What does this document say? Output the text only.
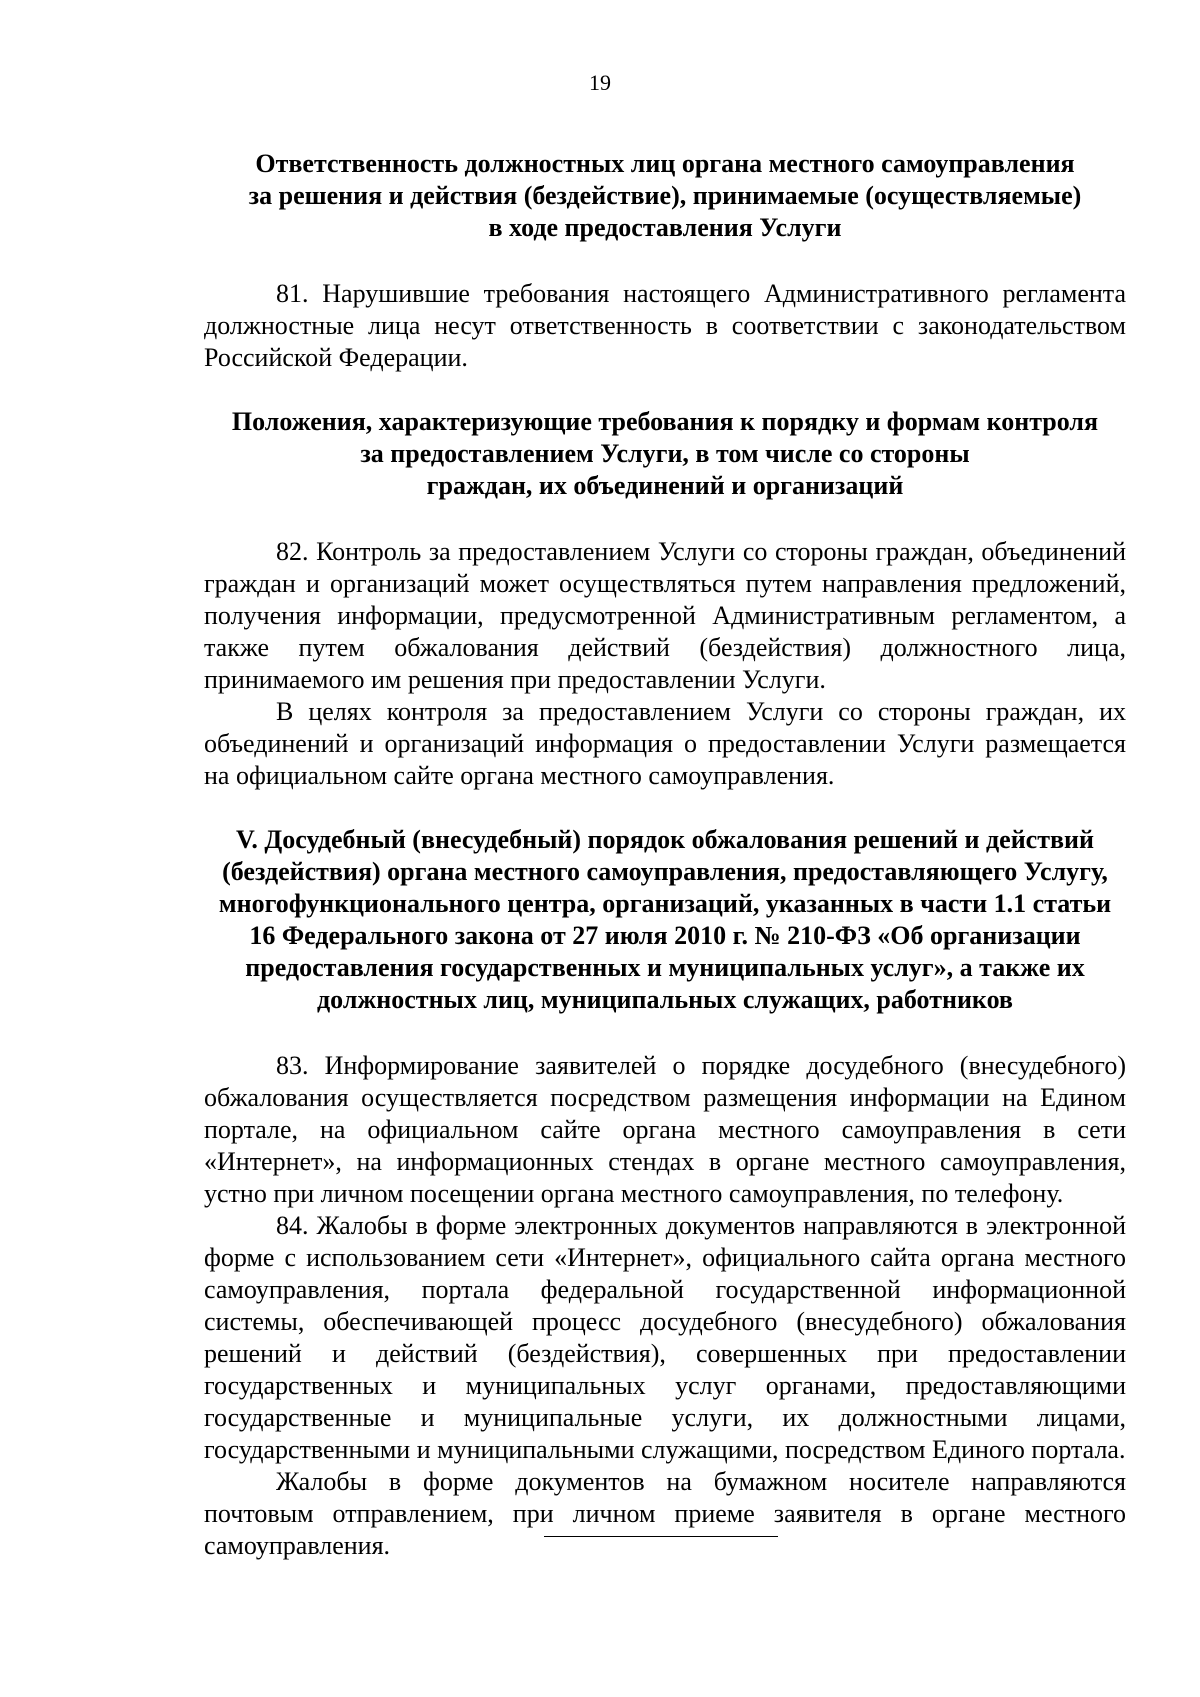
19
Ответственность должностных лиц органа местного самоуправления
за решения и действия (бездействие), принимаемые (осуществляемые)
в ходе предоставления Услуги

81. Нарушившие требования настоящего Административного регламента должностные лица несут ответственность в соответствии с законодательством Российской Федерации.

Положения, характеризующие требования к порядку и формам контроля
за предоставлением Услуги, в том числе со стороны
граждан, их объединений и организаций

82. Контроль за предоставлением Услуги со стороны граждан, объединений граждан и организаций может осуществляться путем направления предложений, получения информации, предусмотренной Административным регламентом, а также путем обжалования действий (бездействия) должностного лица, принимаемого им решения при предоставлении Услуги.

В целях контроля за предоставлением Услуги со стороны граждан, их объединений и организаций информация о предоставлении Услуги размещается на официальном сайте органа местного самоуправления.

V. Досудебный (внесудебный) порядок обжалования решений и действий
(бездействия) органа местного самоуправления, предоставляющего Услугу,
многофункционального центра, организаций, указанных в части 1.1 статьи
16 Федерального закона от 27 июля 2010 г. № 210-ФЗ «Об организации
предоставления государственных и муниципальных услуг», а также их
должностных лиц, муниципальных служащих, работников

83. Информирование заявителей о порядке досудебного (внесудебного) обжалования осуществляется посредством размещения информации на Едином портале, на официальном сайте органа местного самоуправления в сети «Интернет», на информационных стендах в органе местного самоуправления, устно при личном посещении органа местного самоуправления, по телефону.

84. Жалобы в форме электронных документов направляются в электронной форме с использованием сети «Интернет», официального сайта органа местного самоуправления, портала федеральной государственной информационной системы, обеспечивающей процесс досудебного (внесудебного) обжалования решений и действий (бездействия), совершенных при предоставлении государственных и муниципальных услуг органами, предоставляющими государственные и муниципальные услуги, их должностными лицами, государственными и муниципальными служащими, посредством Единого портала.

Жалобы в форме документов на бумажном носителе направляются почтовым отправлением, при личном приеме заявителя в органе местного самоуправления.
